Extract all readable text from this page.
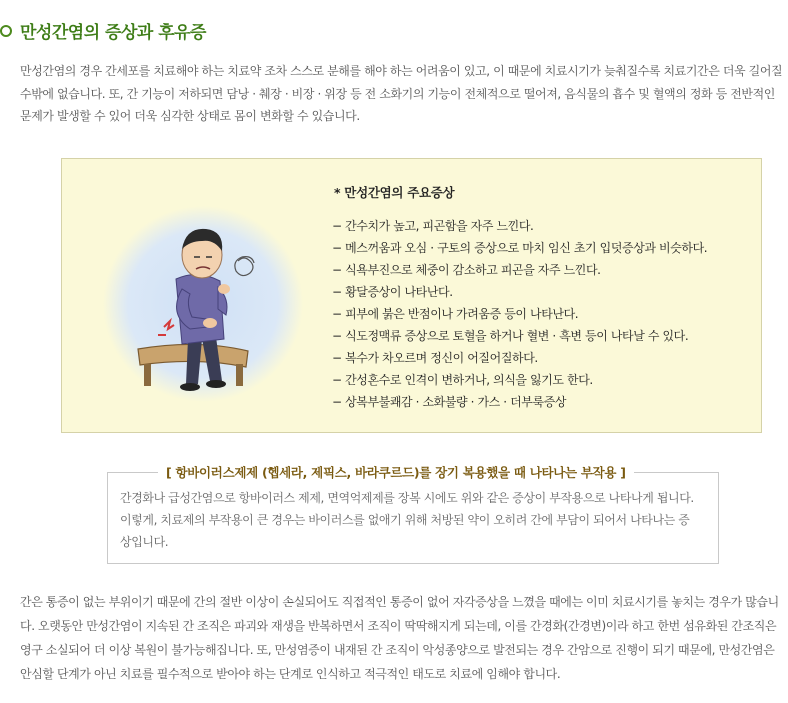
만성간염의 증상과 후유증
만성간염의 경우 간세포를 치료해야 하는 치료약 조차 스스로 분해를 해야 하는 어려움이 있고, 이 때문에 치료시기가 늦춰질수록 치료기간은 더욱 길어질 수밖에 없습니다. 또, 간 기능이 저하되면 담낭 · 췌장 · 비장 · 위장 등 전 소화기의 기능이 전체적으로 떨어져, 음식물의 흡수 및 혈액의 정화 등 전반적인 문제가 발생할 수 있어 더욱 심각한 상태로 몸이 변화할 수 있습니다.
* 만성간염의 주요증상
− 간수치가 높고, 피곤함을 자주 느낀다.
− 메스꺼움과 오심 · 구토의 증상으로 마치 임신 초기 입덧증상과 비슷하다.
− 식욕부진으로 체중이 감소하고 피곤을 자주 느낀다.
− 황달증상이 나타난다.
− 피부에 붉은 반점이나 가려움증 등이 나타난다.
− 식도정맥류 증상으로 토혈을 하거나 혈변 · 흑변 등이 나타날 수 있다.
− 복수가 차오르며 정신이 어질어질하다.
− 간성혼수로 인격이 변하거나, 의식을 잃기도 한다.
− 상복부불쾌감 · 소화불량 · 가스 · 더부룩증상
[ 항바이러스제제 (헵세라, 제픽스, 바라쿠르드)를 장기 복용했을 때 나타나는 부작용 ]
간경화나 급성간염으로 항바이러스 제제, 면역억제제를 장복 시에도 위와 같은 증상이 부작용으로 나타나게 됩니다. 이렇게, 치료제의 부작용이 큰 경우는 바이러스를 없애기 위해 처방된 약이 오히려 간에 부담이 되어서 나타나는 증상입니다.
간은 통증이 없는 부위이기 때문에 간의 절반 이상이 손실되어도 직접적인 통증이 없어 자각증상을 느꼈을 때에는 이미 치료시기를 놓치는 경우가 많습니다. 오랫동안 만성간염이 지속된 간 조직은 파괴와 재생을 반복하면서 조직이 딱딱해지게 되는데, 이를 간경화(간경변)이라 하고 한번 섬유화된 간조직은 영구 소실되어 더 이상 복원이 불가능해집니다. 또, 만성염증이 내재된 간 조직이 악성종양으로 발전되는 경우 간암으로 진행이 되기 때문에, 만성간염은 안심할 단계가 아닌 치료를 필수적으로 받아야 하는 단계로 인식하고 적극적인 태도로 치료에 임해야 합니다.
